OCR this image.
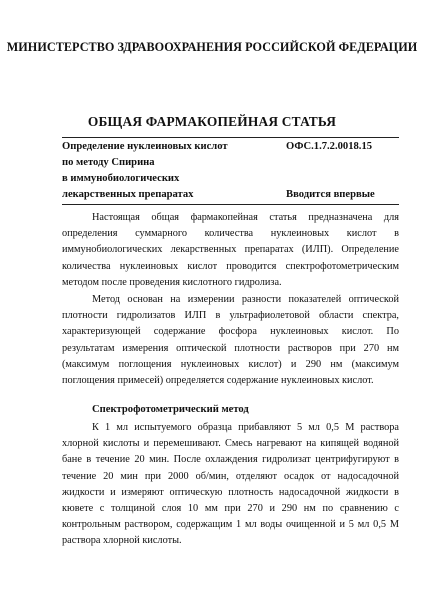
МИНИСТЕРСТВО ЗДРАВООХРАНЕНИЯ РОССИЙСКОЙ ФЕДЕРАЦИИ
ОБЩАЯ ФАРМАКОПЕЙНАЯ СТАТЬЯ
Определение нуклеиновых кислот	ОФС.1.7.2.0018.15
по методу Спирина
в иммунобиологических
лекарственных препаратах	Вводится впервые
Настоящая общая фармакопейная статья предназначена для определения суммарного количества нуклеиновых кислот в иммунобиологических лекарственных препаратах (ИЛП). Определение количества нуклеиновых кислот проводится спектрофотометрическим методом после проведения кислотного гидролиза.
Метод основан на измерении разности показателей оптической плотности гидролизатов ИЛП в ультрафиолетовой области спектра, характеризующей содержание фосфора нуклеиновых кислот. По результатам измерения оптической плотности растворов при 270 нм (максимум поглощения нуклеиновых кислот) и 290 нм (максимум поглощения примесей) определяется содержание нуклеиновых кислот.
Спектрофотометрический метод
К 1 мл испытуемого образца прибавляют 5 мл 0,5 М раствора хлорной кислоты и перемешивают. Смесь нагревают на кипящей водяной бане в течение 20 мин. После охлаждения гидролизат центрифугируют в течение 20 мин при 2000 об/мин, отделяют осадок от надосадочной жидкости и измеряют оптическую плотность надосадочной жидкости в кювете с толщиной слоя 10 мм при 270 и 290 нм по сравнению с контрольным раствором, содержащим 1 мл воды очищенной и 5 мл 0,5 М раствора хлорной кислоты.
